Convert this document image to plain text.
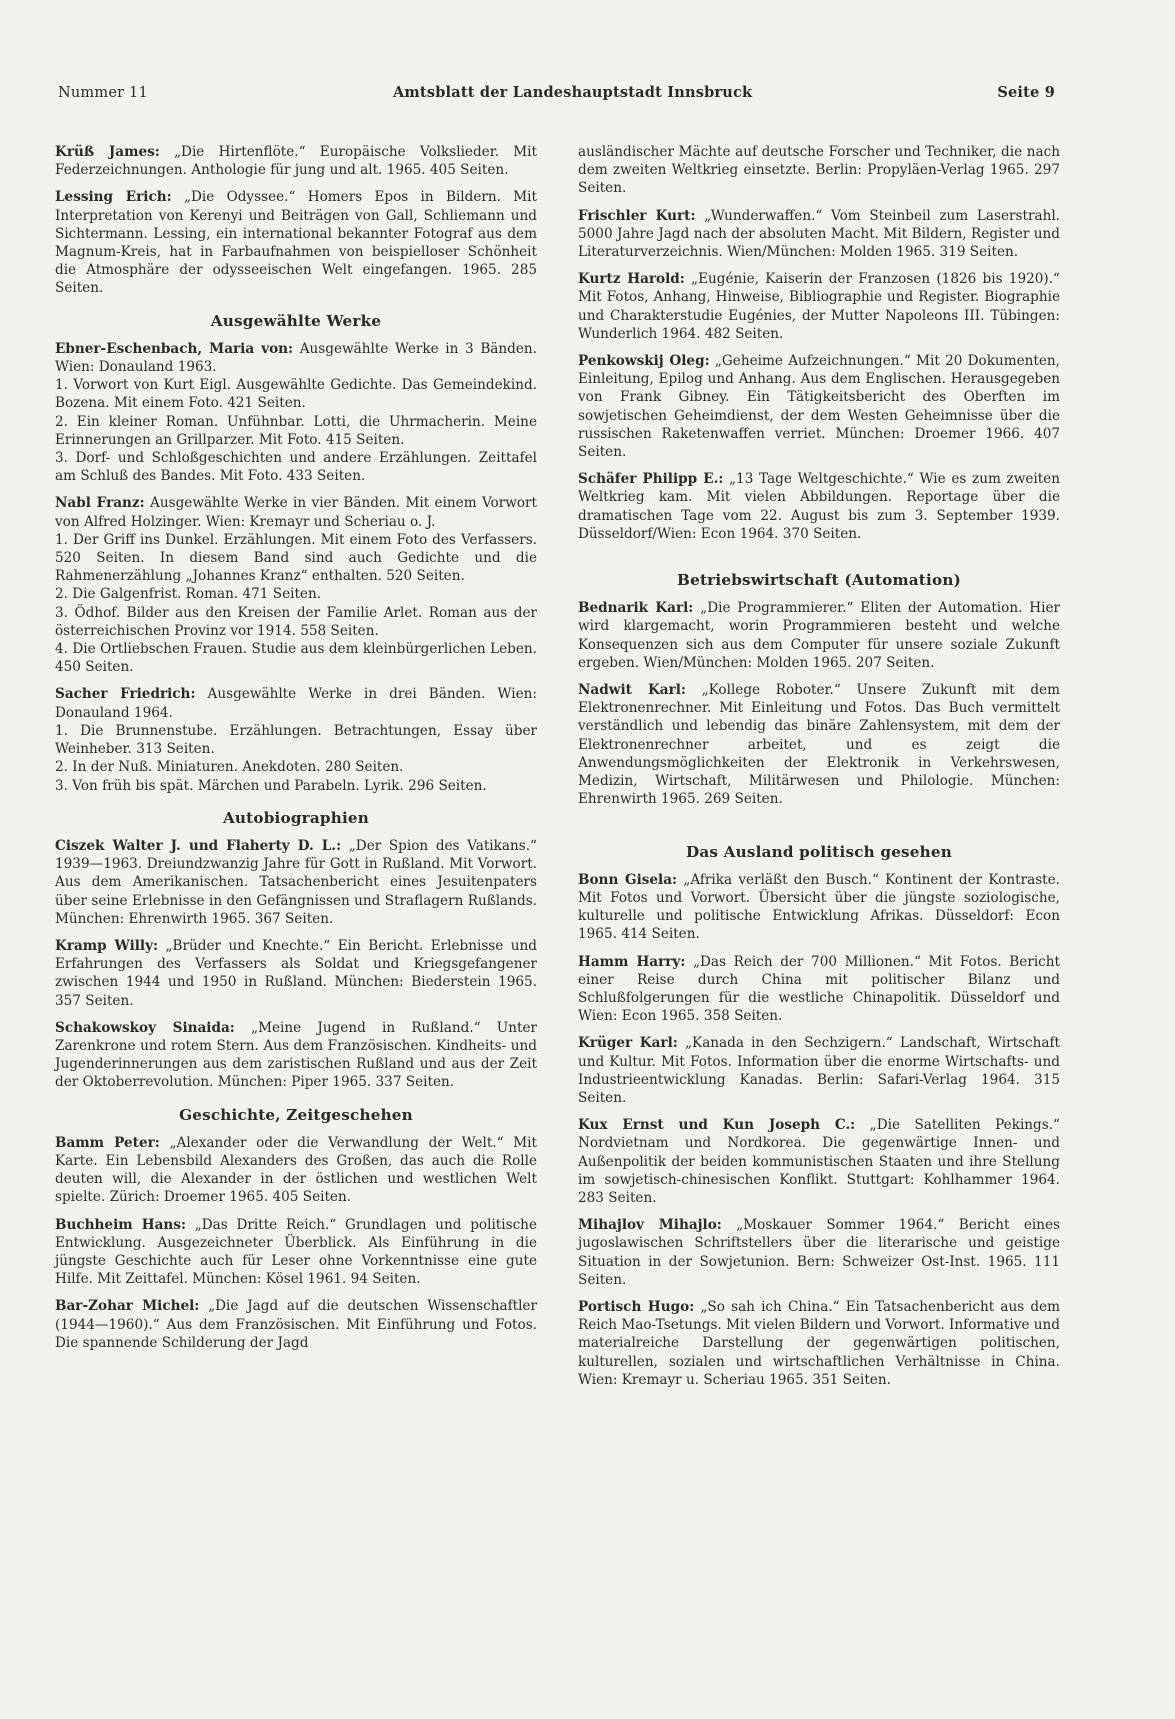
Nummer 11	Amtsblatt der Landeshauptstadt Innsbruck	Seite 9

Krüß James: „Die Hirtenflöte.“ Europäische Volkslieder. Mit Federzeichnungen. Anthologie für jung und alt. 1965. 405 Seiten.

Lessing Erich: „Die Odyssee.“ Homers Epos in Bildern. Mit Interpretation von Kerenyi und Beiträgen von Gall, Schliemann und Sichtermann. Lessing, ein international bekannter Fotograf aus dem Magnum-Kreis, hat in Farbaufnahmen von beispielloser Schönheit die Atmosphäre der odysseeischen Welt eingefangen. 1965. 285 Seiten.

Ausgewählte Werke

Ebner-Eschenbach, Maria von: Ausgewählte Werke in 3 Bänden. Wien: Donauland 1963.
1. Vorwort von Kurt Eigl. Ausgewählte Gedichte. Das Gemeindekind. Bozena. Mit einem Foto. 421 Seiten.
2. Ein kleiner Roman. Unfühnbar. Lotti, die Uhrmacherin. Meine Erinnerungen an Grillparzer. Mit Foto. 415 Seiten.
3. Dorf- und Schloßgeschichten und andere Erzählungen. Zeittafel am Schluß des Bandes. Mit Foto. 433 Seiten.

Nabl Franz: Ausgewählte Werke in vier Bänden. Mit einem Vorwort von Alfred Holzinger. Wien: Kremayr und Scheriau o. J.
1. Der Griff ins Dunkel. Erzählungen. Mit einem Foto des Verfassers. 520 Seiten. In diesem Band sind auch Gedichte und die Rahmenerzählung „Johannes Kranz“ enthalten. 520 Seiten.
2. Die Galgenfrist. Roman. 471 Seiten.
3. Ödhof. Bilder aus den Kreisen der Familie Arlet. Roman aus der österreichischen Provinz vor 1914. 558 Seiten.
4. Die Ortliebschen Frauen. Studie aus dem kleinbürgerlichen Leben. 450 Seiten.

Sacher Friedrich: Ausgewählte Werke in drei Bänden. Wien: Donauland 1964.
1. Die Brunnenstube. Erzählungen. Betrachtungen, Essay über Weinheber. 313 Seiten.
2. In der Nuß. Miniaturen. Anekdoten. 280 Seiten.
3. Von früh bis spät. Märchen und Parabeln. Lyrik. 296 Seiten.

Autobiographien

Ciszek Walter J. und Flaherty D. L.: „Der Spion des Vatikans.“ 1939—1963. Dreiundzwanzig Jahre für Gott in Rußland. Mit Vorwort. Aus dem Amerikanischen. Tatsachenbericht eines Jesuitenpaters über seine Erlebnisse in den Gefängnissen und Straflagern Rußlands. München: Ehrenwirth 1965. 367 Seiten.

Kramp Willy: „Brüder und Knechte.“ Ein Bericht. Erlebnisse und Erfahrungen des Verfassers als Soldat und Kriegsgefangener zwischen 1944 und 1950 in Rußland. München: Biederstein 1965. 357 Seiten.

Schakowskoy Sinaida: „Meine Jugend in Rußland.“ Unter Zarenkrone und rotem Stern. Aus dem Französischen. Kindheits- und Jugenderinnerungen aus dem zaristischen Rußland und aus der Zeit der Oktoberrevolution. München: Piper 1965. 337 Seiten.

Geschichte, Zeitgeschehen

Bamm Peter: „Alexander oder die Verwandlung der Welt.“ Mit Karte. Ein Lebensbild Alexanders des Großen, das auch die Rolle deuten will, die Alexander in der östlichen und westlichen Welt spielte. Zürich: Droemer 1965. 405 Seiten.

Buchheim Hans: „Das Dritte Reich.“ Grundlagen und politische Entwicklung. Ausgezeichneter Überblick. Als Einführung in die jüngste Geschichte auch für Leser ohne Vorkenntnisse eine gute Hilfe. Mit Zeittafel. München: Kösel 1961. 94 Seiten.

Bar-Zohar Michel: „Die Jagd auf die deutschen Wissenschaftler (1944—1960).“ Aus dem Französischen. Mit Einführung und Fotos. Die spannende Schilderung der Jagd

ausländischer Mächte auf deutsche Forscher und Techniker, die nach dem zweiten Weltkrieg einsetzte. Berlin: Propyläen-Verlag 1965. 297 Seiten.

Frischler Kurt: „Wunderwaffen.“ Vom Steinbeil zum Laserstrahl. 5000 Jahre Jagd nach der absoluten Macht. Mit Bildern, Register und Literaturverzeichnis. Wien/München: Molden 1965. 319 Seiten.

Kurtz Harold: „Eugénie, Kaiserin der Franzosen (1826 bis 1920).“ Mit Fotos, Anhang, Hinweise, Bibliographie und Register. Biographie und Charakterstudie Eugénies, der Mutter Napoleons III. Tübingen: Wunderlich 1964. 482 Seiten.

Penkowskij Oleg: „Geheime Aufzeichnungen.“ Mit 20 Dokumenten, Einleitung, Epilog und Anhang. Aus dem Englischen. Herausgegeben von Frank Gibney. Ein Tätigkeitsbericht des Oberften im sowjetischen Geheimdienst, der dem Westen Geheimnisse über die russischen Raketenwaffen verriet. München: Droemer 1966. 407 Seiten.

Schäfer Philipp E.: „13 Tage Weltgeschichte.“ Wie es zum zweiten Weltkrieg kam. Mit vielen Abbildungen. Reportage über die dramatischen Tage vom 22. August bis zum 3. September 1939. Düsseldorf/Wien: Econ 1964. 370 Seiten.

Betriebswirtschaft (Automation)

Bednarik Karl: „Die Programmierer.“ Eliten der Automation. Hier wird klargemacht, worin Programmieren besteht und welche Konsequenzen sich aus dem Computer für unsere soziale Zukunft ergeben. Wien/München: Molden 1965. 207 Seiten.

Nadwit Karl: „Kollege Roboter.“ Unsere Zukunft mit dem Elektronenrechner. Mit Einleitung und Fotos. Das Buch vermittelt verständlich und lebendig das binäre Zahlensystem, mit dem der Elektronenrechner arbeitet, und es zeigt die Anwendungsmöglichkeiten der Elektronik in Verkehrswesen, Medizin, Wirtschaft, Militärwesen und Philologie. München: Ehrenwirth 1965. 269 Seiten.

Das Ausland politisch gesehen

Bonn Gisela: „Afrika verläßt den Busch.“ Kontinent der Kontraste. Mit Fotos und Vorwort. Übersicht über die jüngste soziologische, kulturelle und politische Entwicklung Afrikas. Düsseldorf: Econ 1965. 414 Seiten.

Hamm Harry: „Das Reich der 700 Millionen.“ Mit Fotos. Bericht einer Reise durch China mit politischer Bilanz und Schlußfolgerungen für die westliche Chinapolitik. Düsseldorf und Wien: Econ 1965. 358 Seiten.

Krüger Karl: „Kanada in den Sechzigern.“ Landschaft, Wirtschaft und Kultur. Mit Fotos. Information über die enorme Wirtschafts- und Industrieentwicklung Kanadas. Berlin: Safari-Verlag 1964. 315 Seiten.

Kux Ernst und Kun Joseph C.: „Die Satelliten Pekings.“ Nordvietnam und Nordkorea. Die gegenwärtige Innen- und Außenpolitik der beiden kommunistischen Staaten und ihre Stellung im sowjetisch-chinesischen Konflikt. Stuttgart: Kohlhammer 1964. 283 Seiten.

Mihajlov Mihajlo: „Moskauer Sommer 1964.“ Bericht eines jugoslawischen Schriftstellers über die literarische und geistige Situation in der Sowjetunion. Bern: Schweizer Ost-Inst. 1965. 111 Seiten.

Portisch Hugo: „So sah ich China.“ Ein Tatsachenbericht aus dem Reich Mao-Tsetungs. Mit vielen Bildern und Vorwort. Informative und materialreiche Darstellung der gegenwärtigen politischen, kulturellen, sozialen und wirtschaftlichen Verhältnisse in China. Wien: Kremayr u. Scheriau 1965. 351 Seiten.
